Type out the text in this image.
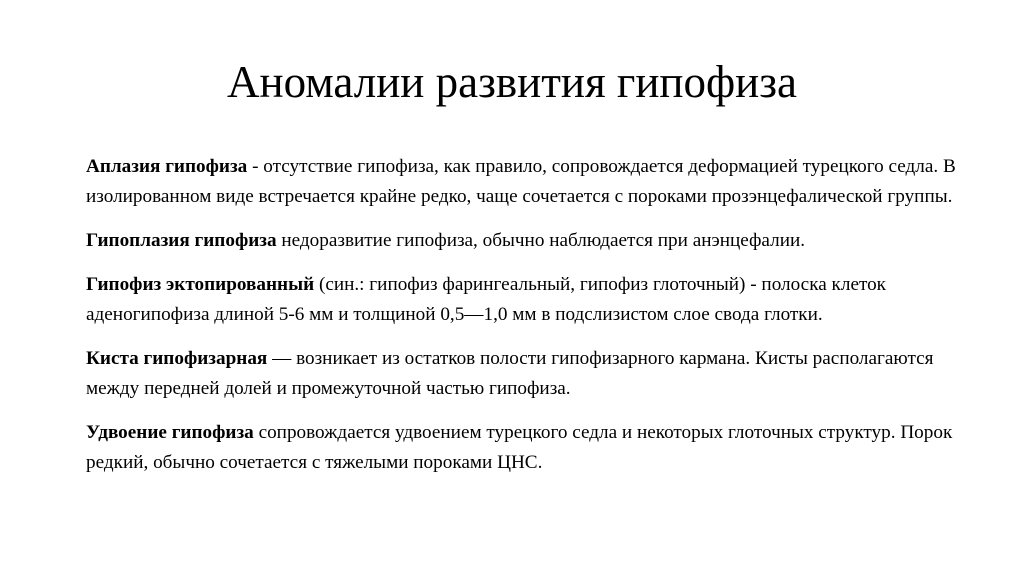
Аномалии развития гипофиза

Аплазия гипофиза - отсутствие гипофиза, как правило, сопровождается деформацией турецкого седла. В изолированном виде встречается крайне редко, чаще сочетается с пороками прозэнцефалической группы.

Гипоплазия гипофиза недоразвитие гипофиза, обычно наблюдается при анэнцефалии.

Гипофиз эктопированный (син.: гипофиз фарингеальный, гипофиз глоточный) - полоска клеток аденогипофиза длиной 5-6 мм и толщиной 0,5—1,0 мм в подслизистом слое свода глотки.

Киста гипофизарная — возникает из остатков полости гипофизарного кармана. Кисты располагаются между передней долей и промежуточной частью гипофиза.

Удвоение гипофиза сопровождается удвоением турецкого седла и некоторых глоточных структур. Порок редкий, обычно сочетается с тяжелыми пороками ЦНС.
